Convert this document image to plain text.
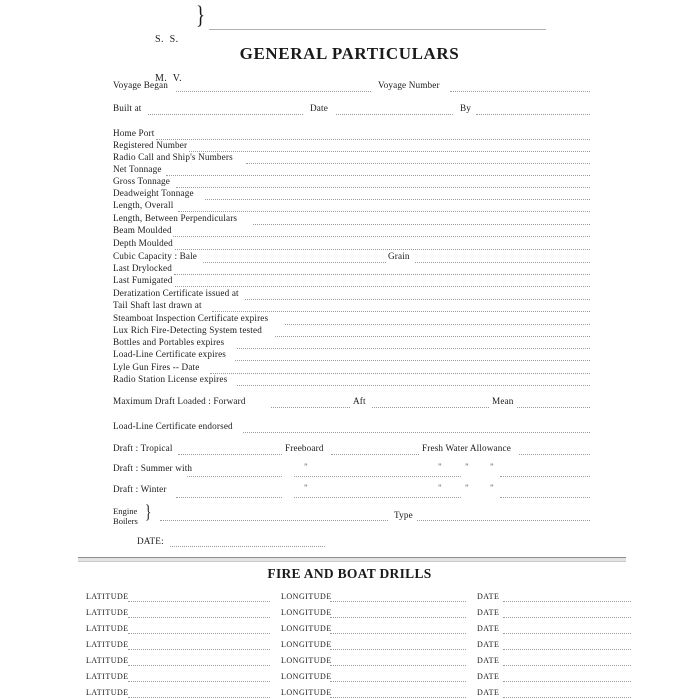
S.  S.

M.  V.

}
GENERAL PARTICULARS
Voyage Began	Voyage Number
Built at	Date	By
Home Port
Registered Number
Radio Call and Ship's Numbers
Net Tonnage
Gross Tonnage
Deadweight Tonnage
Length, Overall
Length, Between Perpendiculars
Beam Moulded
Depth Moulded
Cubic Capacity : Bale	Grain
Last Drylocked
Last Fumigated
Deratization Certificate issued at
Tail Shaft last drawn at
Steamboat Inspection Certificate expires
Lux Rich Fire-Detecting System tested
Bottles and Portables expires
Load-Line Certificate expires
Lyle Gun Fires -- Date
Radio Station License expires
Maximum Draft Loaded : Forward	Aft	Mean
Load-Line Certificate endorsed
Draft : Tropical	Freeboard	Fresh Water Allowance
Draft : Summer with	”	”	”	”
Draft : Winter	”	”	”	”
Engine
Boilers }	Type
DATE:
FIRE AND BOAT DRILLS
LATITUDE	LONGITUDE	DATE
LATITUDE	LONGITUDE	DATE
LATITUDE	LONGITUDE	DATE
LATITUDE	LONGITUDE	DATE
LATITUDE	LONGITUDE	DATE
LATITUDE	LONGITUDE	DATE
LATITUDE	LONGITUDE	DATE
